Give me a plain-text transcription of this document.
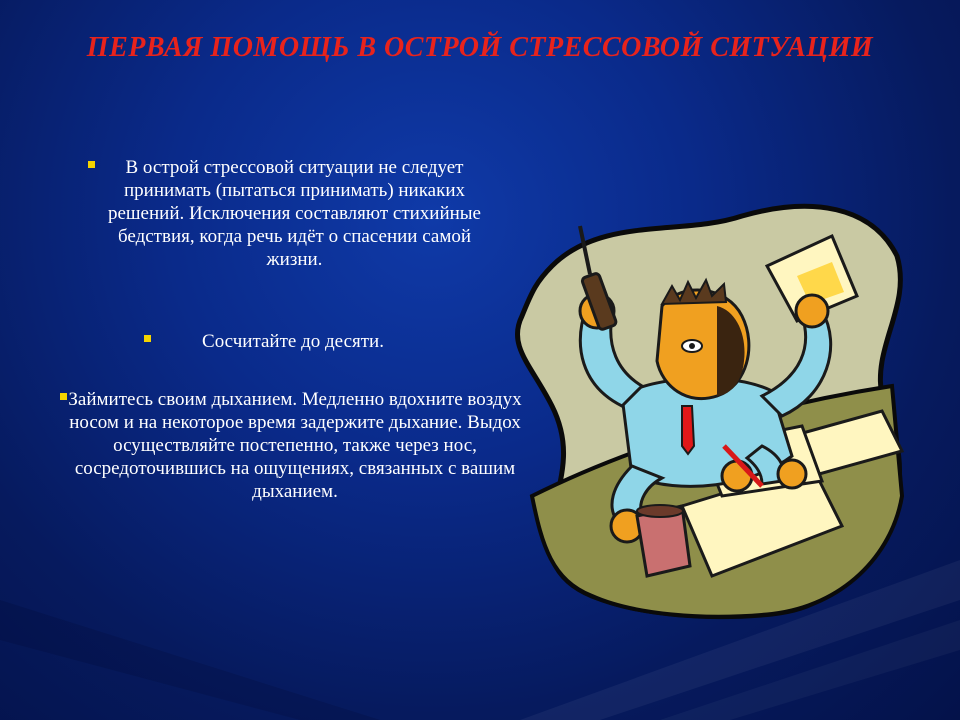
ПЕРВАЯ ПОМОЩЬ В ОСТРОЙ СТРЕССОВОЙ СИТУАЦИИ
В острой стрессовой ситуации не следует принимать (пытаться принимать) никаких решений. Исключения составляют стихийные бедствия, когда речь идёт о спасении самой жизни.
Сосчитайте до десяти.
Займитесь своим дыханием. Медленно вдохните воздух носом и на некоторое время задержите дыхание. Выдох осуществляйте постепенно, также через нос, сосредоточившись на ощущениях, связанных с вашим дыханием.
